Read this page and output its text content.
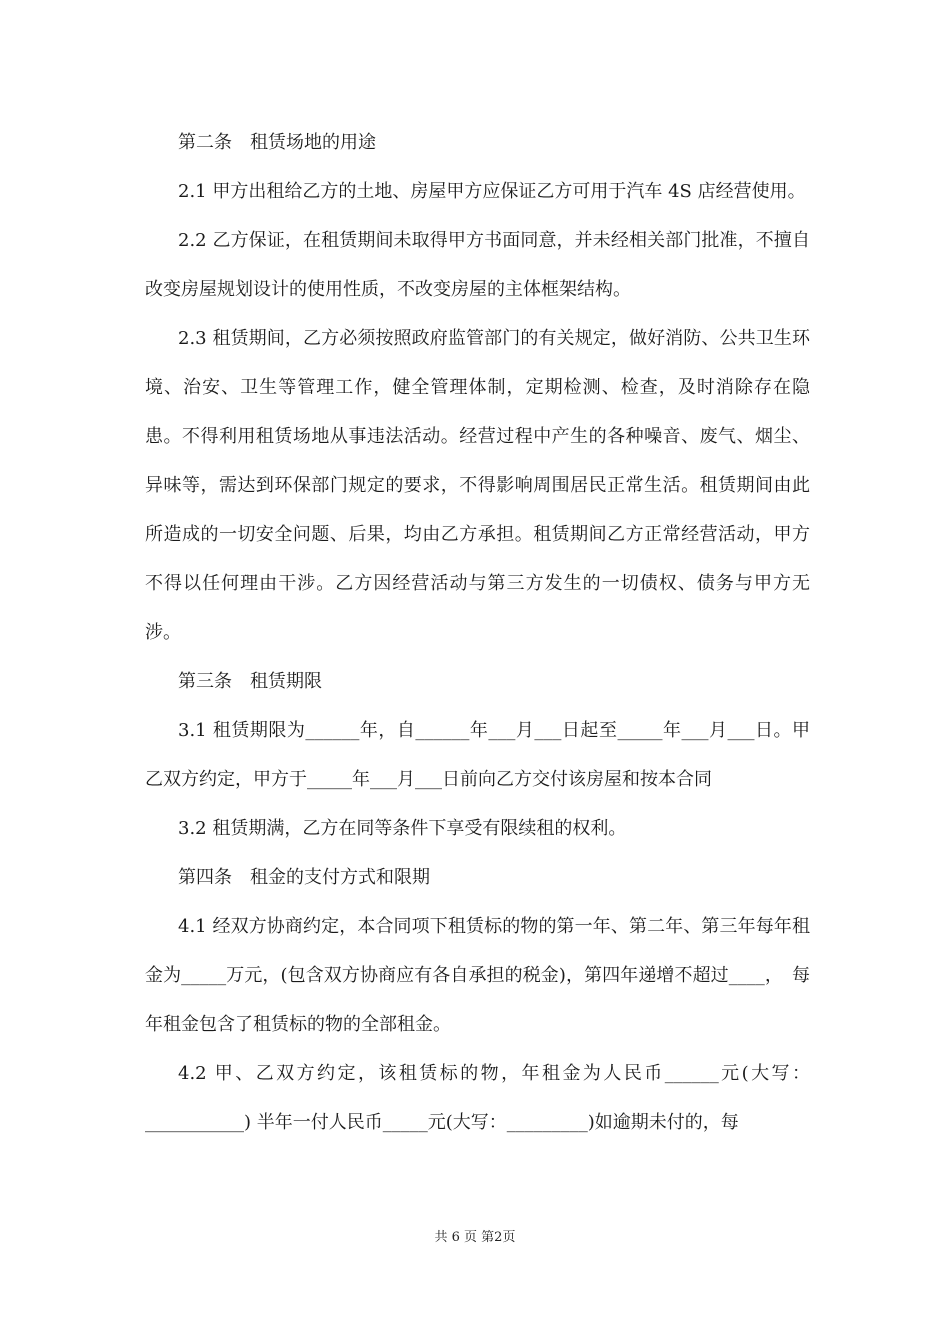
第二条　租赁场地的用途

2.1 甲方出租给乙方的土地、房屋甲方应保证乙方可用于汽车 4S 店经营使用。

2.2 乙方保证，在租赁期间未取得甲方书面同意，并未经相关部门批准，不擅自改变房屋规划设计的使用性质，不改变房屋的主体框架结构。

2.3 租赁期间，乙方必须按照政府监管部门的有关规定，做好消防、公共卫生环境、治安、卫生等管理工作，健全管理体制，定期检测、检查，及时消除存在隐患。不得利用租赁场地从事违法活动。经营过程中产生的各种噪音、废气、烟尘、异味等，需达到环保部门规定的要求，不得影响周围居民正常生活。租赁期间由此所造成的一切安全问题、后果，均由乙方承担。租赁期间乙方正常经营活动，甲方不得以任何理由干涉。乙方因经营活动与第三方发生的一切债权、债务与甲方无涉。

第三条　租赁期限

3.1 租赁期限为______年，自______年___月___日起至_____年___月___日。甲乙双方约定，甲方于_____年___月___日前向乙方交付该房屋和按本合同

3.2 租赁期满，乙方在同等条件下享受有限续租的权利。

第四条　租金的支付方式和限期

4.1 经双方协商约定，本合同项下租赁标的物的第一年、第二年、第三年每年租金为_____万元，(包含双方协商应有各自承担的税金)，第四年递增不超过____，　每年租金包含了租赁标的物的全部租金。

4.2 甲、乙双方约定，该租赁标的物，年租金为人民币______元(大写：___________) 半年一付人民币_____元(大写：_________)如逾期未付的，每

共 6 页 第2页
